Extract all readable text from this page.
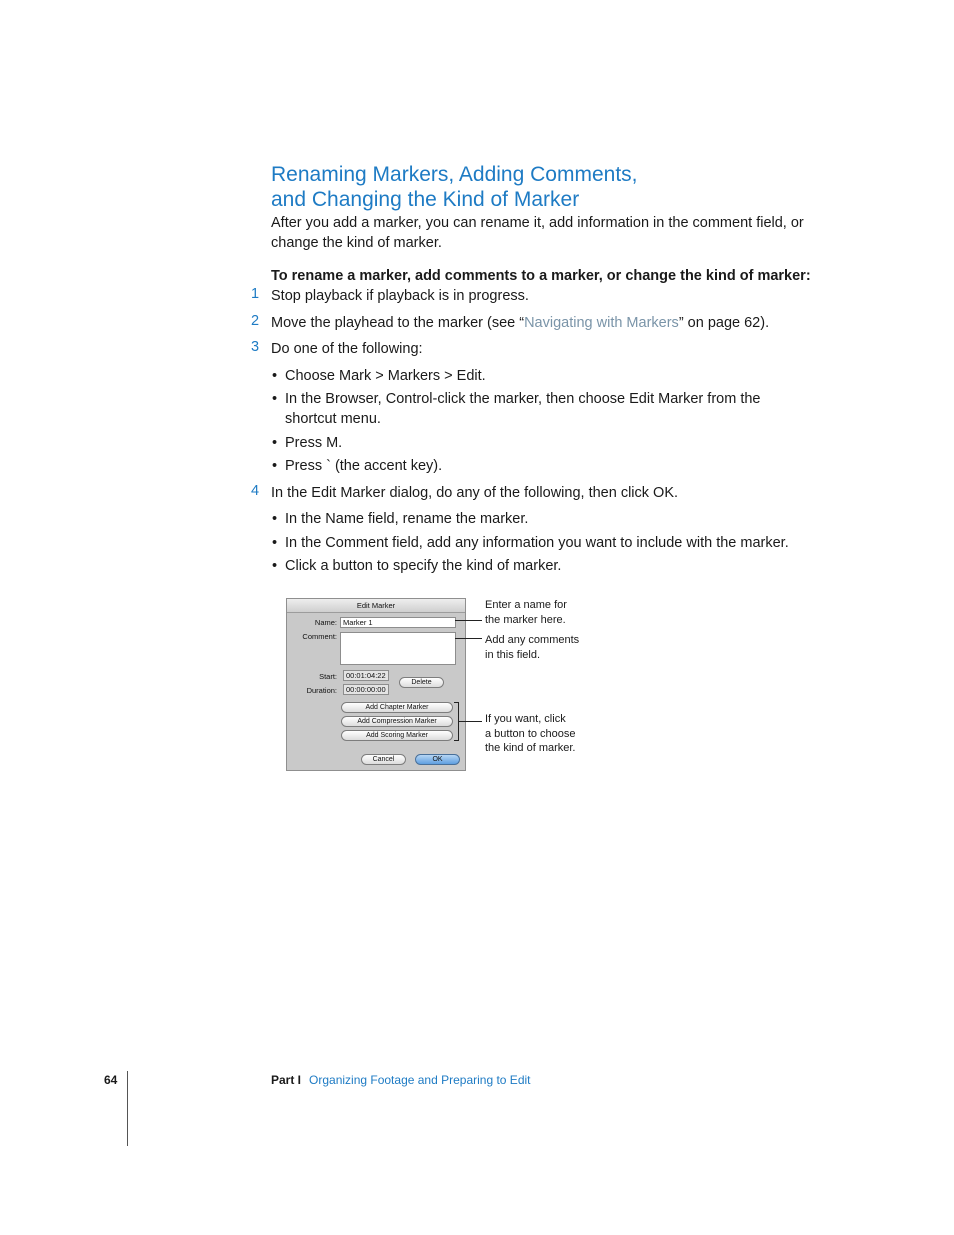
Renaming Markers, Adding Comments,
and Changing the Kind of Marker
After you add a marker, you can rename it, add information in the comment field, or change the kind of marker.
To rename a marker, add comments to a marker, or change the kind of marker:
1 Stop playback if playback is in progress.
2 Move the playhead to the marker (see “Navigating with Markers” on page 62).
3 Do one of the following:
• Choose Mark > Markers > Edit.
• In the Browser, Control-click the marker, then choose Edit Marker from the shortcut menu.
• Press M.
• Press ` (the accent key).
4 In the Edit Marker dialog, do any of the following, then click OK.
• In the Name field, rename the marker.
• In the Comment field, add any information you want to include with the marker.
• Click a button to specify the kind of marker.
Edit Marker
Name: Marker 1
Comment:
Start:	00:01:04:22
Duration:	00:00:00:00
Delete
Add Chapter Marker
Add Compression Marker
Add Scoring Marker
Cancel	OK
Enter a name for
the marker here.
Add any comments
in this field.
If you want, click
a button to choose
the kind of marker.
64	Part I Organizing Footage and Preparing to Edit
